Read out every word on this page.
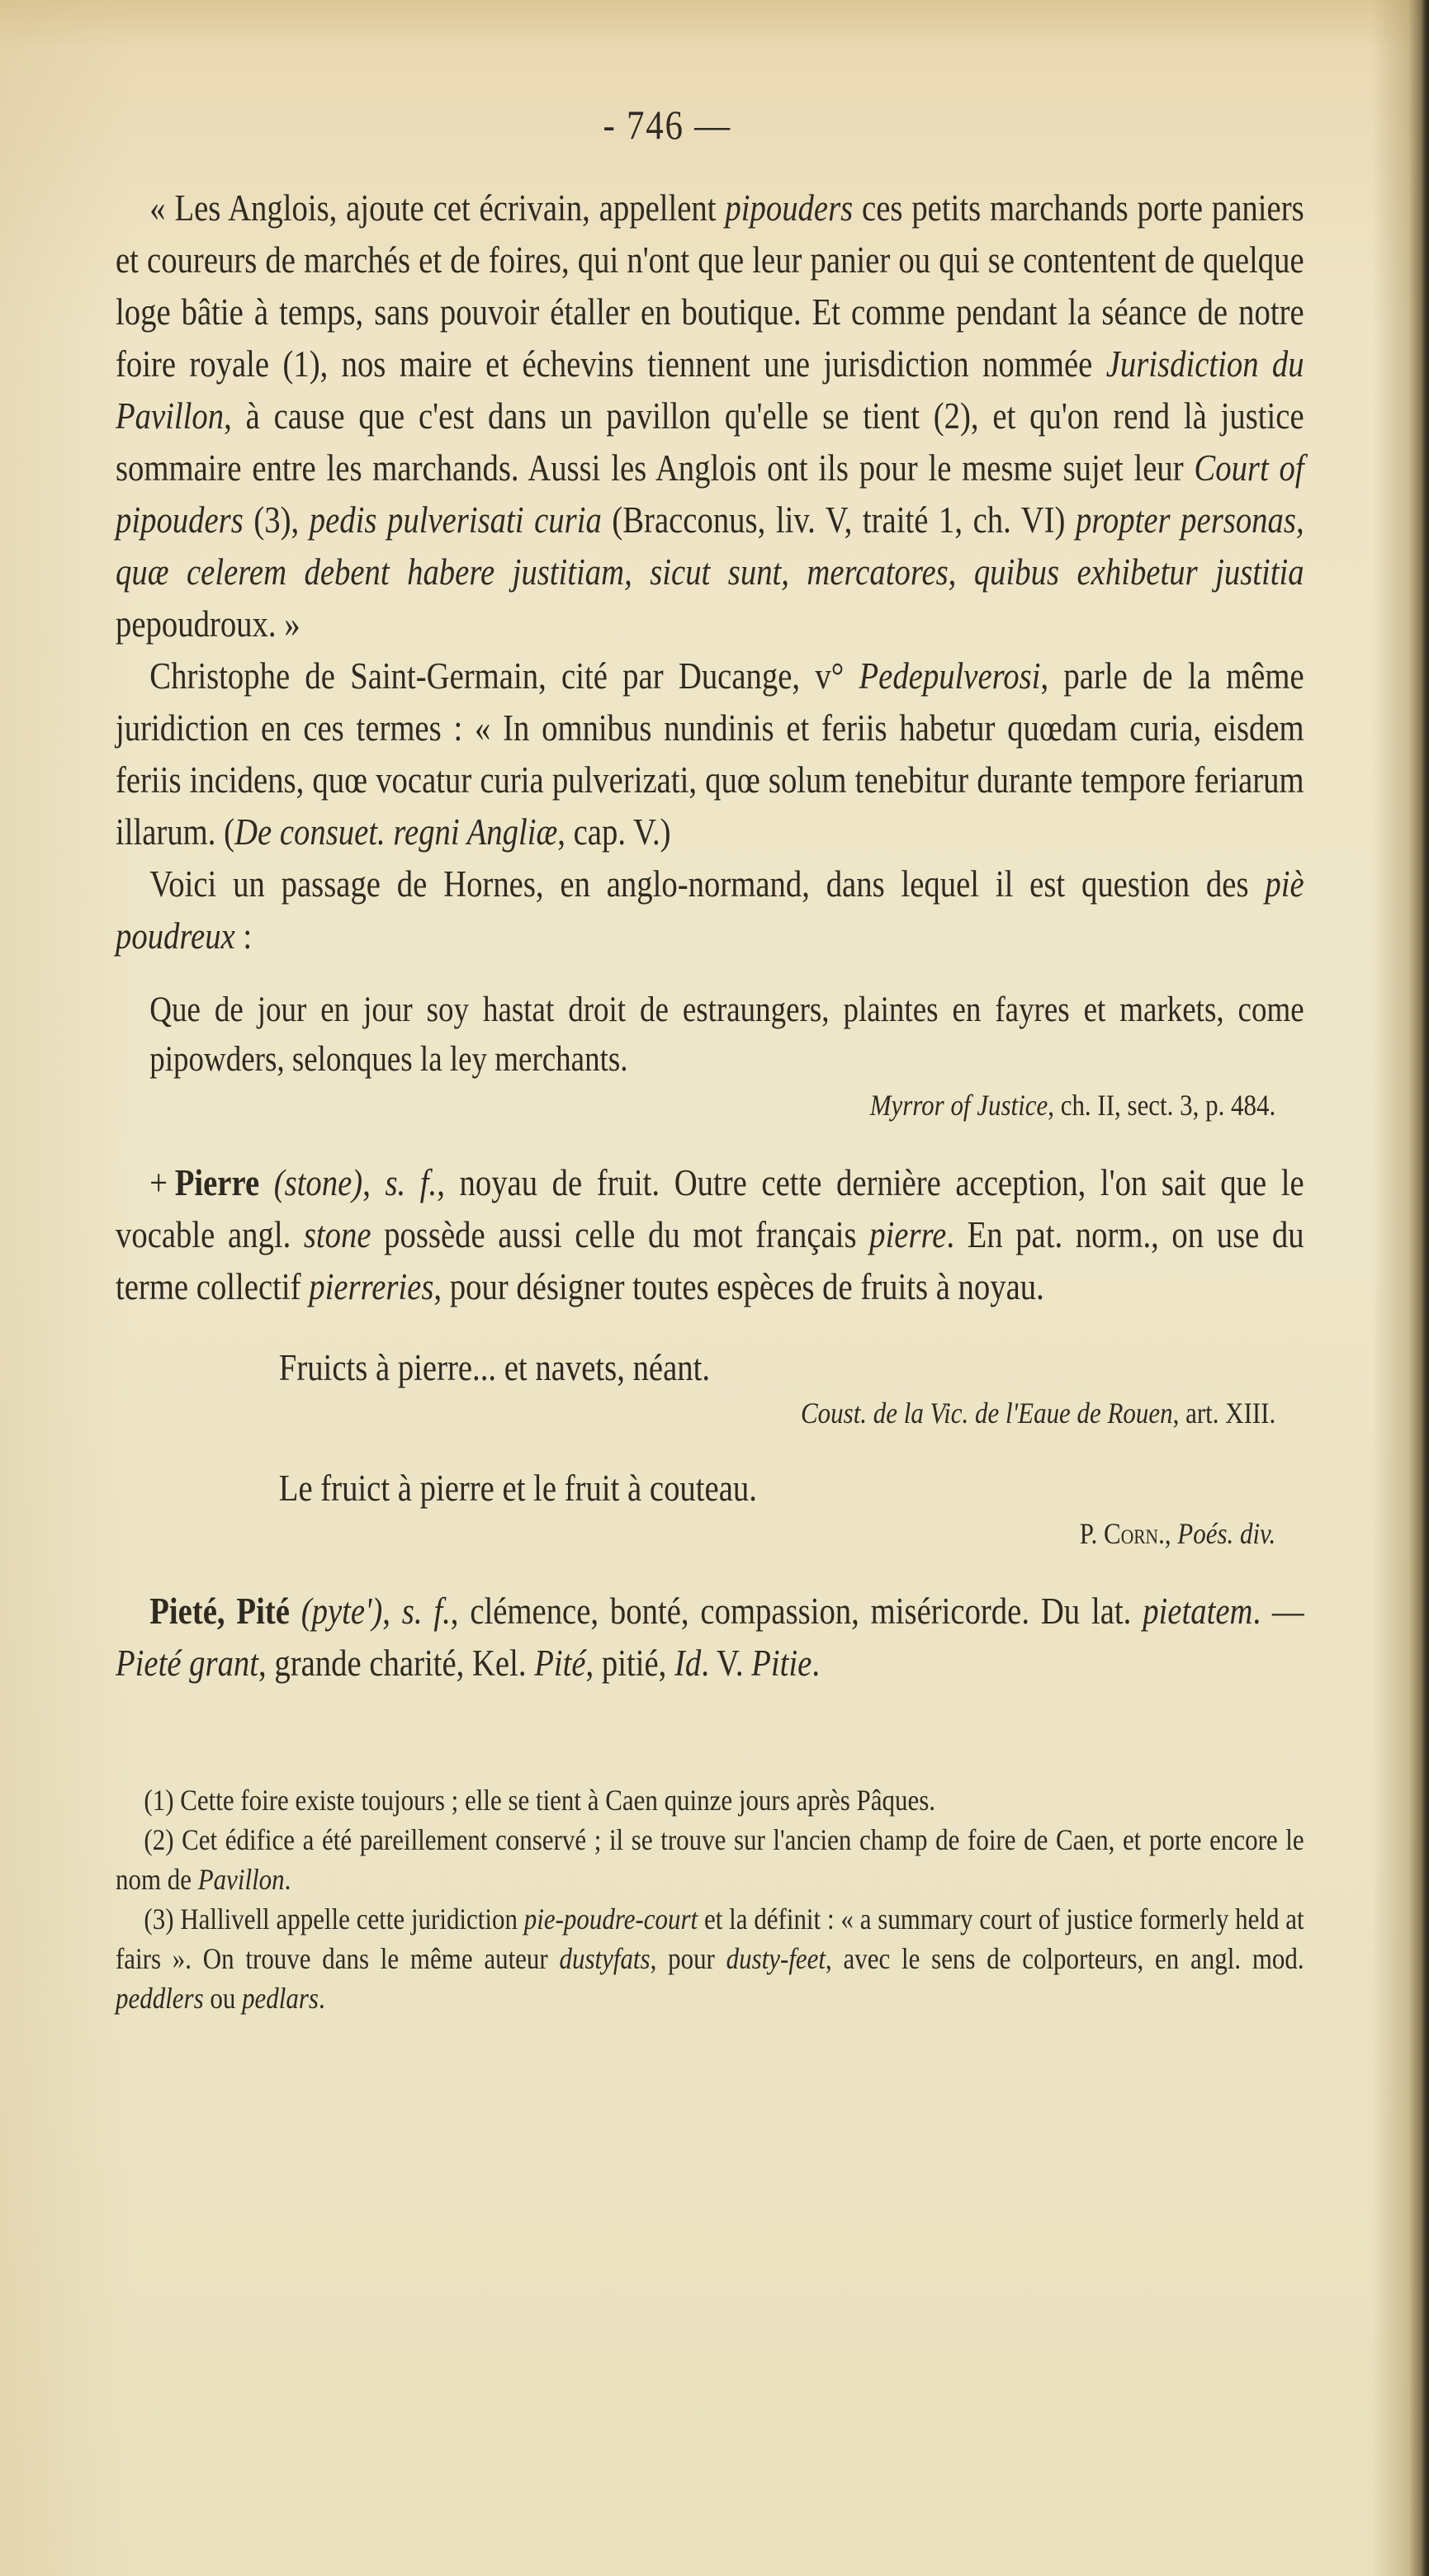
- 746 —

« Les Anglois, ajoute cet écrivain, appellent pipouders ces petits marchands porte paniers et coureurs de marchés et de foires, qui n'ont que leur panier ou qui se contentent de quelque loge bâtie à temps, sans pouvoir étaller en boutique. Et comme pendant la séance de notre foire royale (1), nos maire et échevins tiennent une jurisdiction nommée Jurisdiction du Pavillon, à cause que c'est dans un pavillon qu'elle se tient (2), et qu'on rend là justice sommaire entre les marchands. Aussi les Anglois ont ils pour le mesme sujet leur Court of pipouders (3), pedis pulverisati curia (Bracconus, liv. V, traité 1, ch. VI) propter personas, quæ celerem debent habere justitiam, sicut sunt, mercatores, quibus exhibetur justitia pepoudroux. »

Christophe de Saint-Germain, cité par Ducange, v° Pedepulverosi, parle de la même juridiction en ces termes : « In omnibus nundinis et feriis habetur quœdam curia, eisdem feriis incidens, quœ vocatur curia pulverizati, quœ solum tenebitur durante tempore feriarum illarum. (De consuet. regni Angliæ, cap. V.)

Voici un passage de Hornes, en anglo-normand, dans lequel il est question des piè poudreux :

Que de jour en jour soy hastat droit de estraungers, plaintes en fayres et markets, come pipowders, selonques la ley merchants.

Myrror of Justice, ch. II, sect. 3, p. 484.

+ Pierre (stone), s. f., noyau de fruit. Outre cette dernière acception, l'on sait que le vocable angl. stone possède aussi celle du mot français pierre. En pat. norm., on use du terme collectif pierreries, pour désigner toutes espèces de fruits à noyau.

Fruicts à pierre... et navets, néant.

Coust. de la Vic. de l'Eaue de Rouen, art. XIII.

Le fruict à pierre et le fruit à couteau.

P. Corn., Poés. div.

Pieté, Pité (pyte'), s. f., clémence, bonté, compassion, miséricorde. Du lat. pietatem. — Pieté grant, grande charité, Kel. Pité, pitié, Id. V. Pitie.

(1) Cette foire existe toujours ; elle se tient à Caen quinze jours après Pâques.

(2) Cet édifice a été pareillement conservé ; il se trouve sur l'ancien champ de foire de Caen, et porte encore le nom de Pavillon.

(3) Hallivell appelle cette juridiction pie-poudre-court et la définit : « a summary court of justice formerly held at fairs ». On trouve dans le même auteur dustyfats, pour dusty-feet, avec le sens de colporteurs, en angl. mod. peddlers ou pedlars.
